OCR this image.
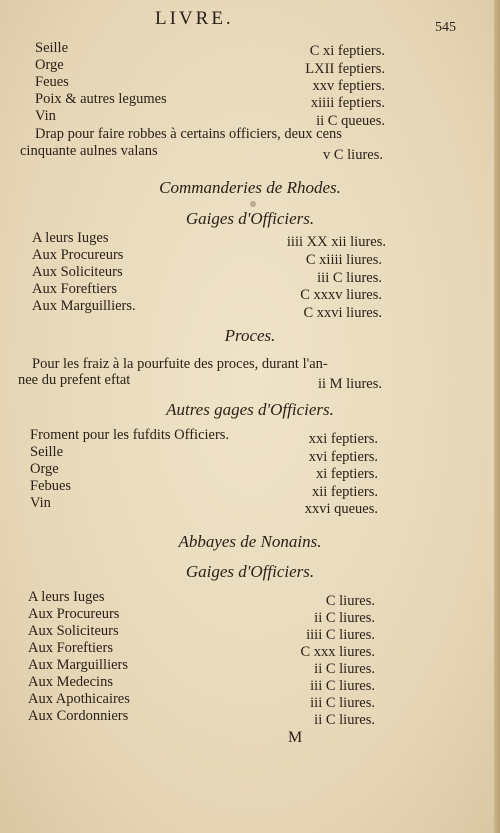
LIVRE.	545
Seille	C xi feptiers.
Orge	LXII feptiers.
Feues	xxv feptiers.
Poix & autres legumes	xiiii feptiers.
Vin	ii C queues.
Drap pour faire robbes à certains officiers, deux cens
cinquante aulnes valans	v C liures.
Commanderies de Rhodes.
Gaiges d'Officiers.
A leurs Iuges	iiii XX xii liures.
Aux Procureurs	C xiiii liures.
Aux Soliciteurs	iii C liures.
Aux Foreftiers	C xxxv liures.
Aux Marguilliers.	C xxvi liures.
Proces.
Pour les fraiz à la pourfuite des proces, durant l'an-
nee du prefent eftat	ii M liures.
Autres gages d'Officiers.
Froment pour les fufdits Officiers.	xxi feptiers.
Seille	xvi feptiers.
Orge	xi feptiers.
Febues	xii feptiers.
Vin	xxvi queues.
Abbayes de Nonains.
Gaiges d'Officiers.
A leurs Iuges	C liures.
Aux Procureurs	ii C liures.
Aux Soliciteurs	iiii C liures.
Aux Foreftiers	C xxx liures.
Aux Marguilliers	ii C liures.
Aux Medecins	iii C liures.
Aux Apothicaires	iii C liures.
Aux Cordonniers	ii C liures.
M
